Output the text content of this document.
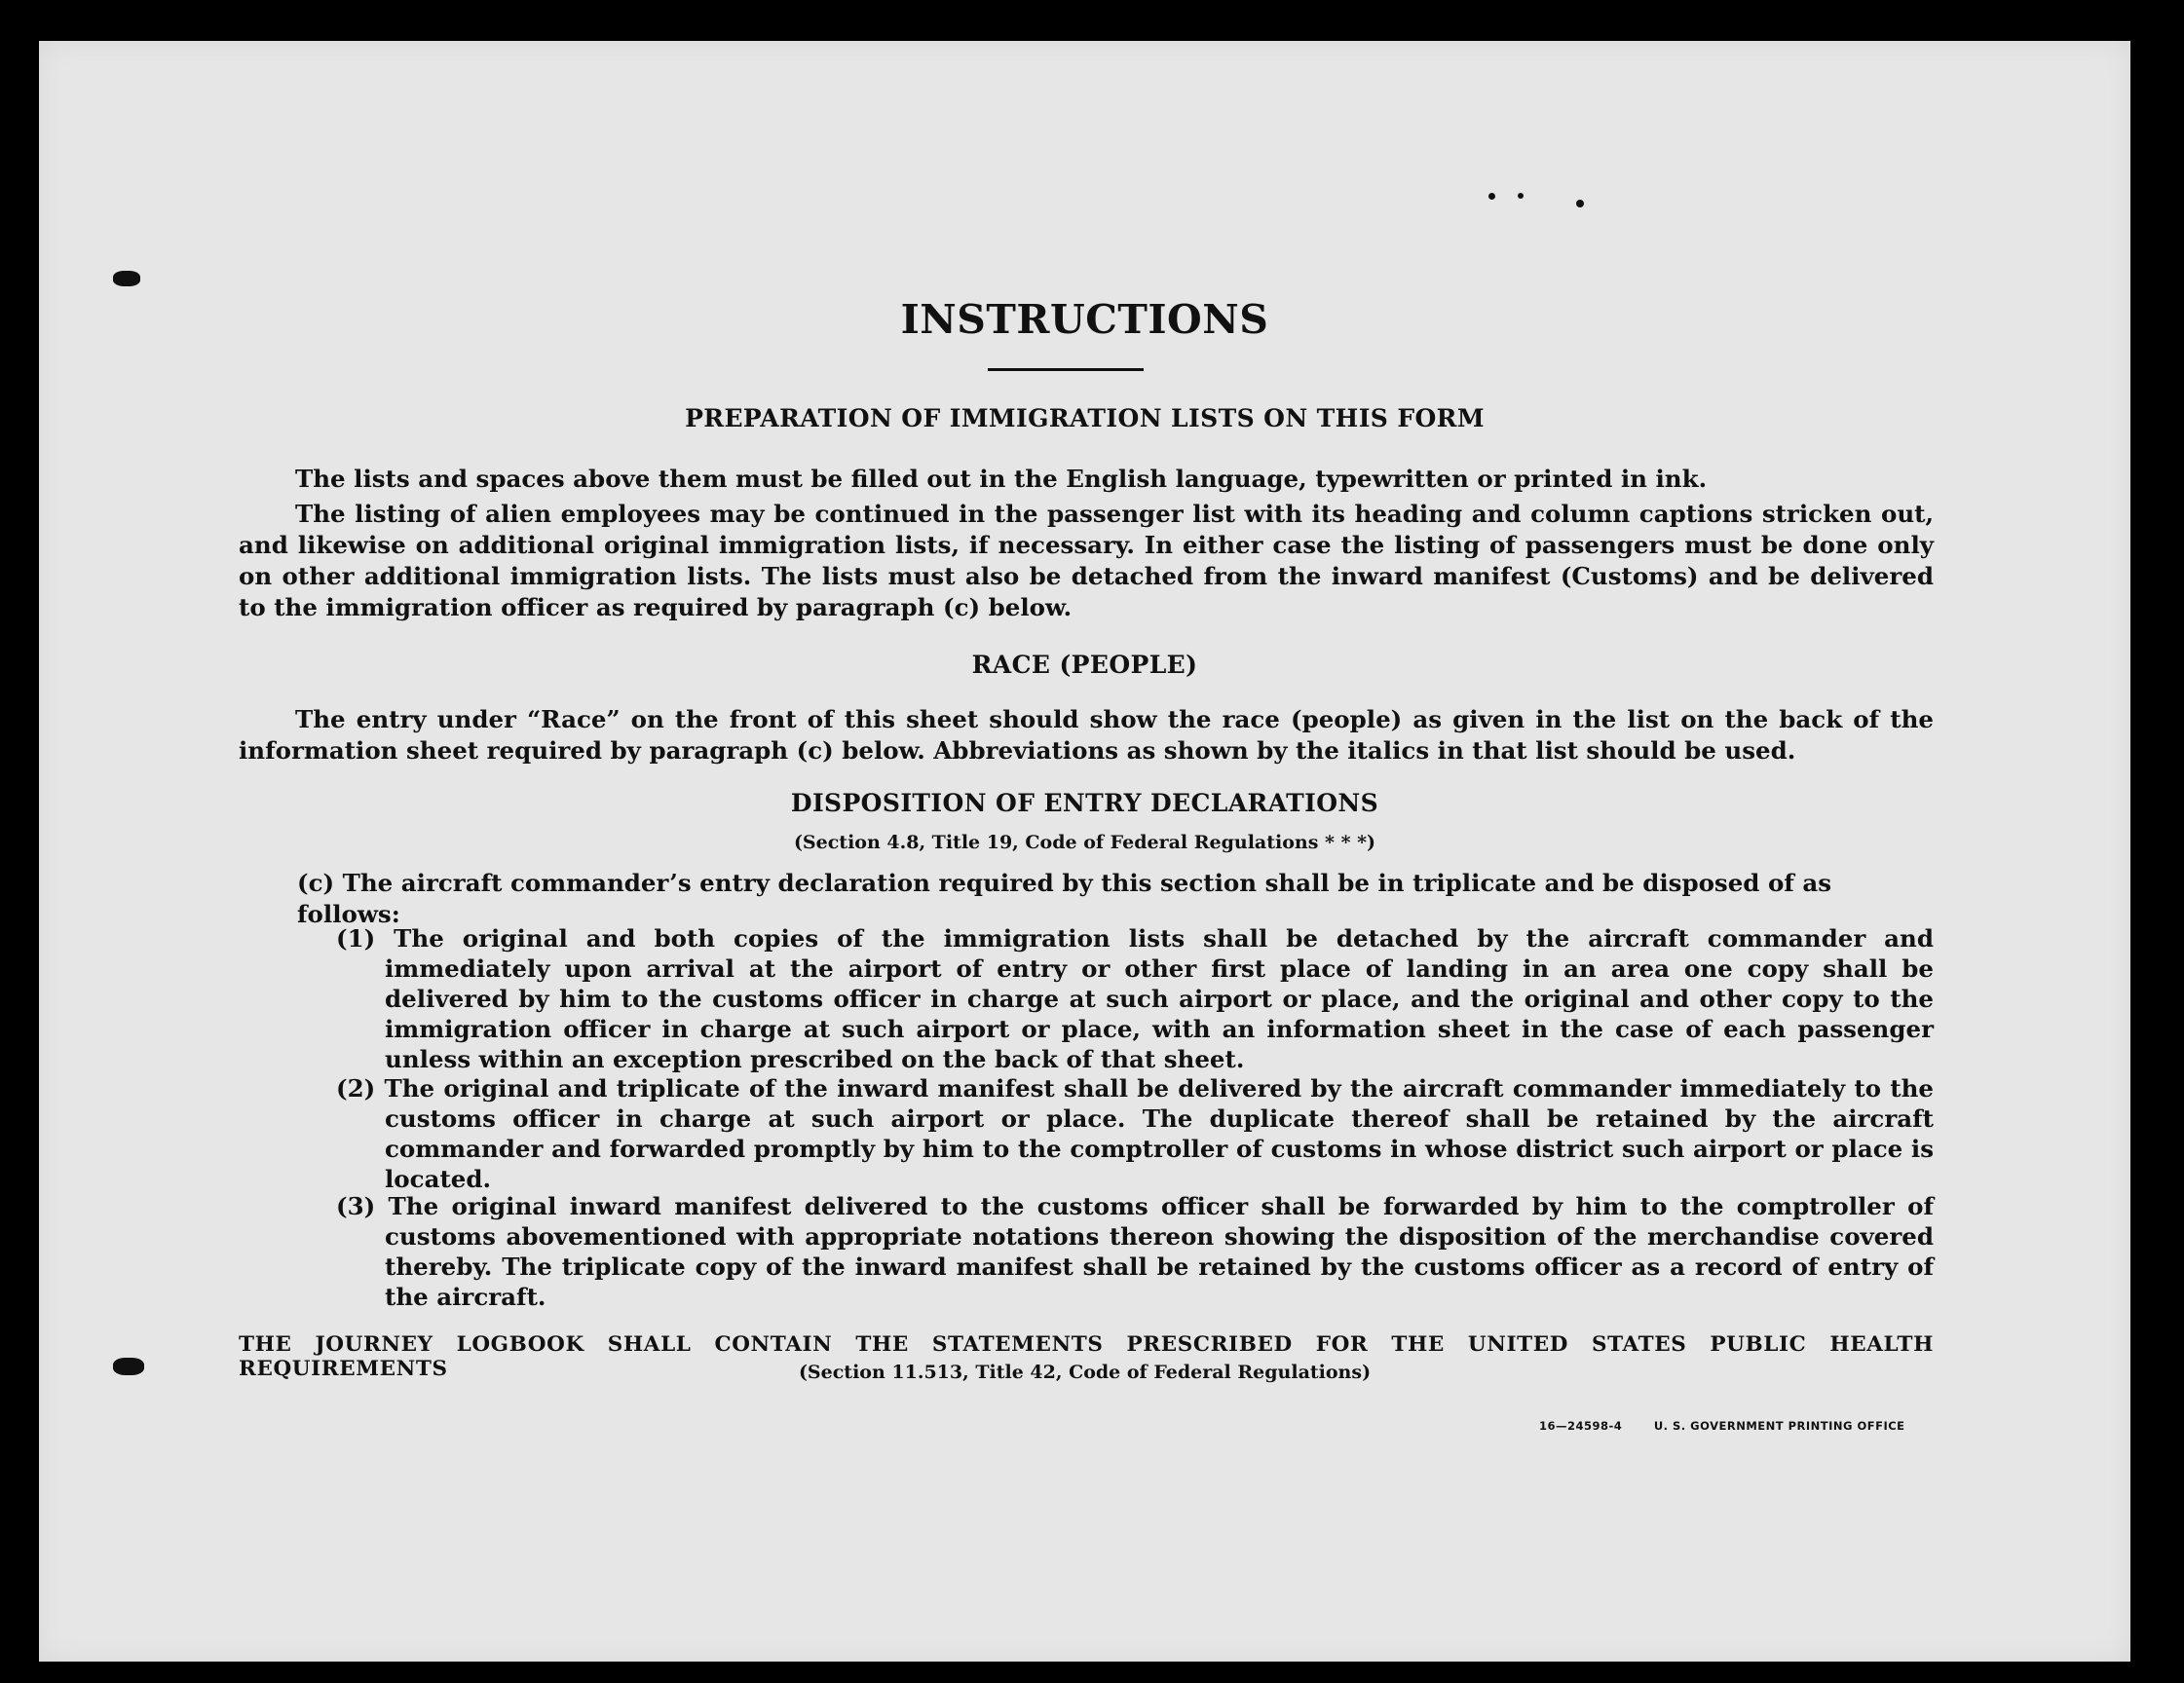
INSTRUCTIONS
PREPARATION OF IMMIGRATION LISTS ON THIS FORM
The lists and spaces above them must be filled out in the English language, typewritten or printed in ink.
The listing of alien employees may be continued in the passenger list with its heading and column captions stricken out, and likewise on additional original immigration lists, if necessary. In either case the listing of passengers must be done only on other additional immigration lists. The lists must also be detached from the inward manifest (Customs) and be delivered to the immigration officer as required by paragraph (c) below.
RACE (PEOPLE)
The entry under “Race” on the front of this sheet should show the race (people) as given in the list on the back of the information sheet required by paragraph (c) below. Abbreviations as shown by the italics in that list should be used.
DISPOSITION OF ENTRY DECLARATIONS
(Section 4.8, Title 19, Code of Federal Regulations * * *)
(c) The aircraft commander’s entry declaration required by this section shall be in triplicate and be disposed of as follows:
(1) The original and both copies of the immigration lists shall be detached by the aircraft commander and immediately upon arrival at the airport of entry or other first place of landing in an area one copy shall be delivered by him to the customs officer in charge at such airport or place, and the original and other copy to the immigration officer in charge at such airport or place, with an information sheet in the case of each passenger unless within an exception prescribed on the back of that sheet.
(2) The original and triplicate of the inward manifest shall be delivered by the aircraft commander immediately to the customs officer in charge at such airport or place. The duplicate thereof shall be retained by the aircraft commander and forwarded promptly by him to the comptroller of customs in whose district such airport or place is located.
(3) The original inward manifest delivered to the customs officer shall be forwarded by him to the comptroller of customs abovementioned with appropriate notations thereon showing the disposition of the merchandise covered thereby. The triplicate copy of the inward manifest shall be retained by the customs officer as a record of entry of the aircraft.
THE JOURNEY LOGBOOK SHALL CONTAIN THE STATEMENTS PRESCRIBED FOR THE UNITED STATES PUBLIC HEALTH REQUIREMENTS	(Section 11.513, Title 42, Code of Federal Regulations)
16—24598-4	U. S. GOVERNMENT PRINTING OFFICE
